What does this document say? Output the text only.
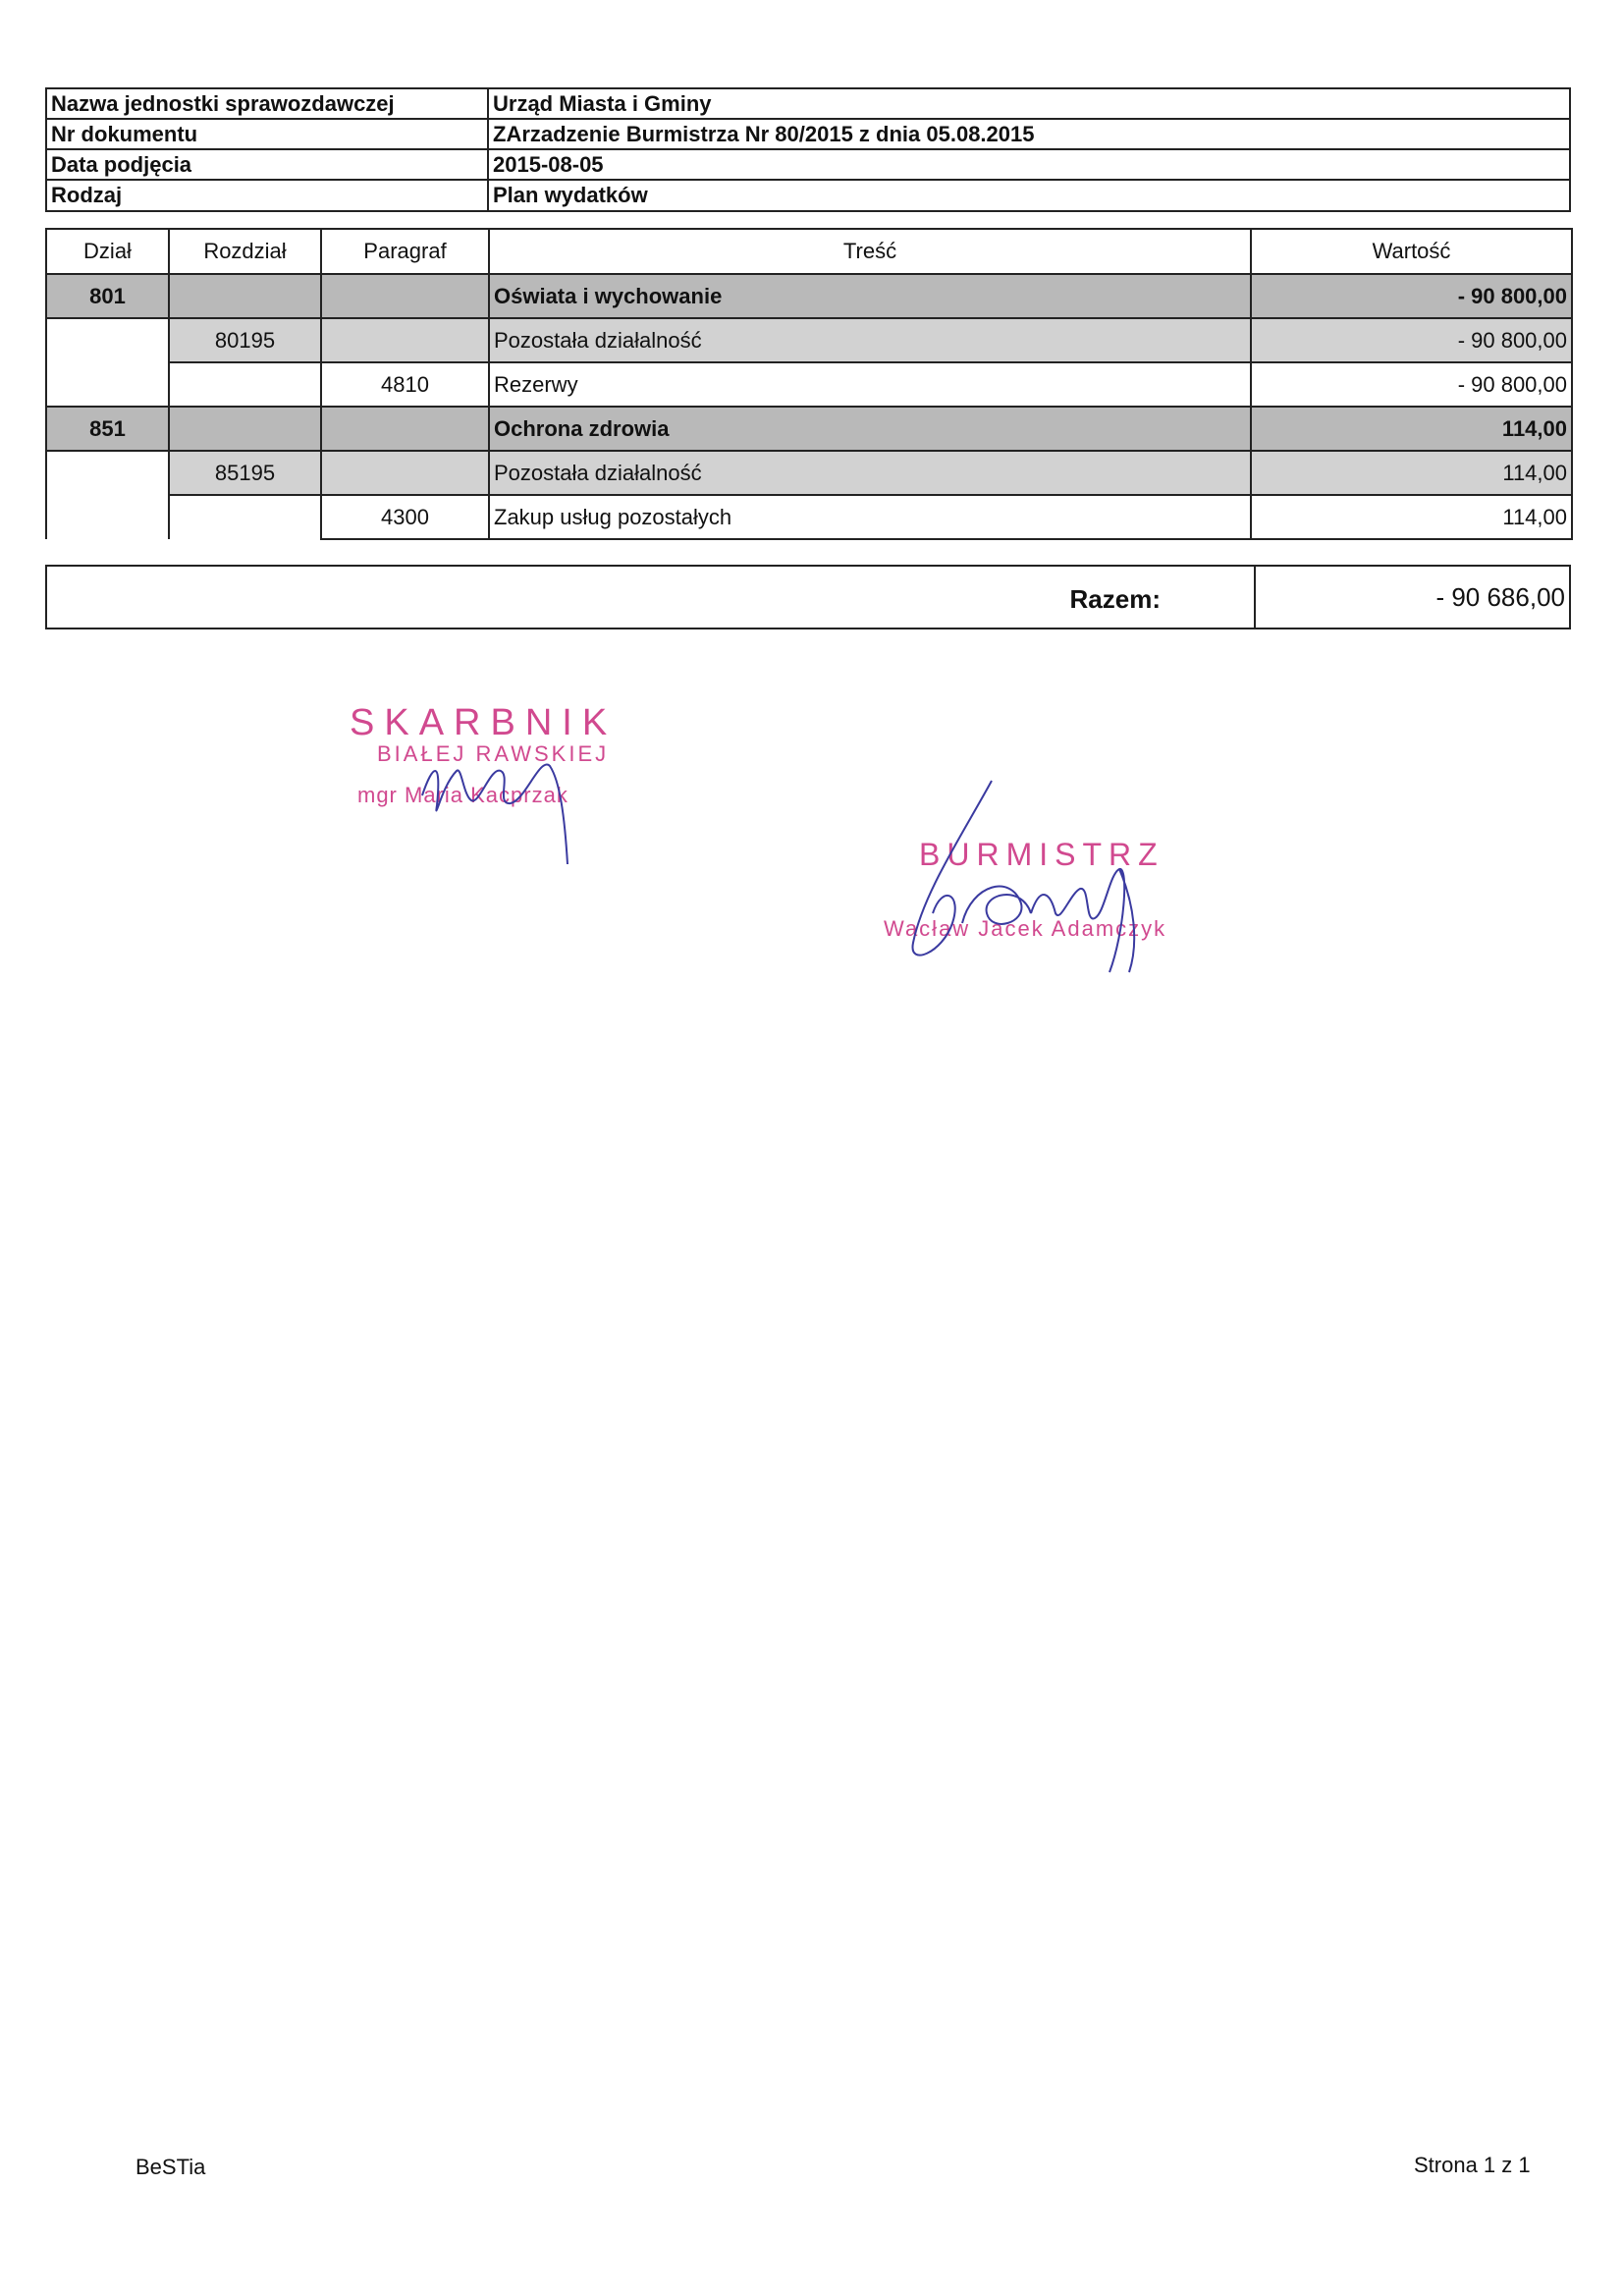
Nazwa jednostki sprawozdawczej	Urząd Miasta i Gminy
Nr dokumentu	ZArzadzenie Burmistrza Nr 80/2015 z dnia 05.08.2015
Data podjęcia	2015-08-05
Rodzaj	Plan wydatków
Dział	Rozdział	Paragraf	Treść	Wartość
801			Oświata i wychowanie	- 90 800,00
	80195		Pozostała działalność	- 90 800,00
		4810	Rezerwy	- 90 800,00
851			Ochrona zdrowia	114,00
	85195		Pozostała działalność	114,00
		4300	Zakup usług pozostałych	114,00
Razem:	- 90 686,00
SKARBNIK
BIAŁEJ RAWSKIEJ
mgr Maria Kacprzak
BURMISTRZ
Wacław Jacek Adamczyk
BeSTia	Strona 1 z 1
